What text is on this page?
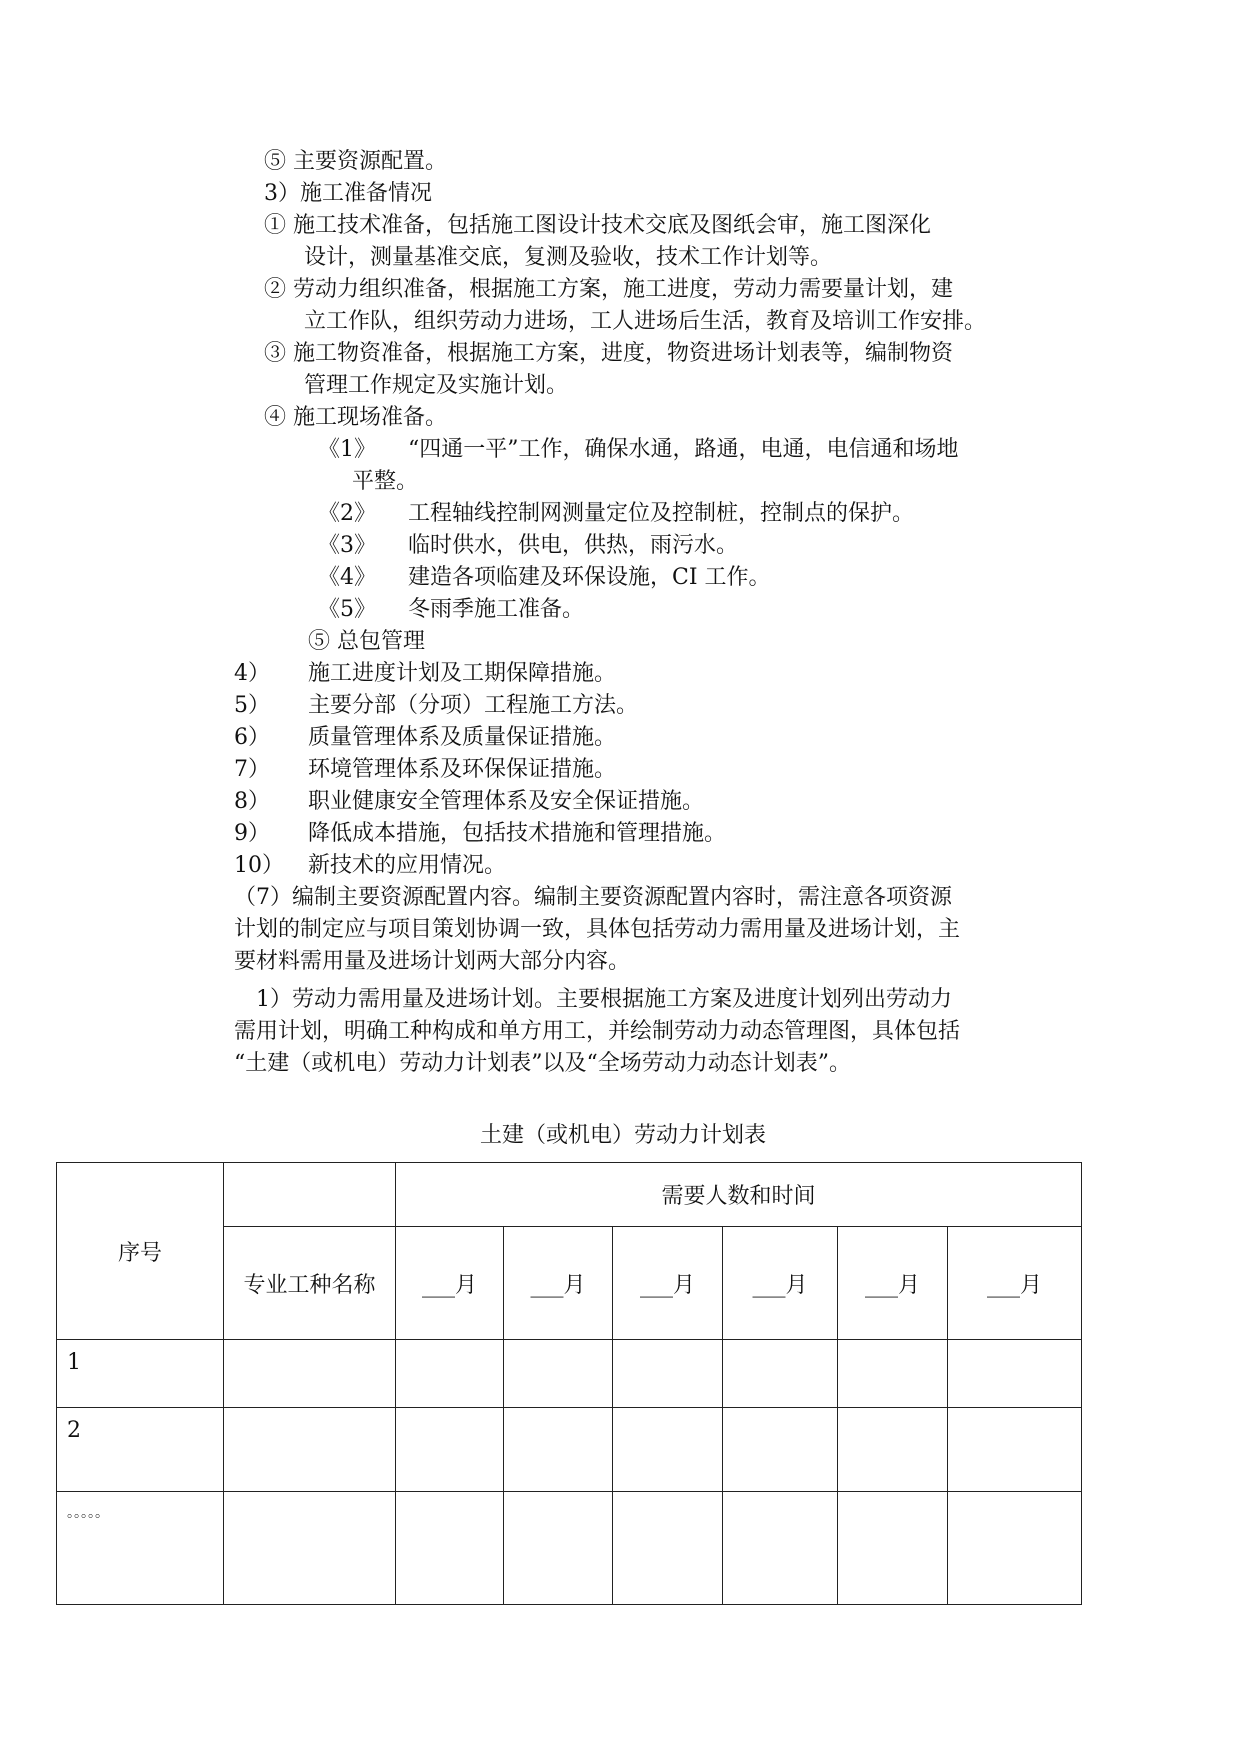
⑤ 主要资源配置。
3）施工准备情况
① 施工技术准备，包括施工图设计技术交底及图纸会审，施工图深化
设计，测量基准交底，复测及验收，技术工作计划等。
② 劳动力组织准备，根据施工方案，施工进度，劳动力需要量计划，建
立工作队，组织劳动力进场，工人进场后生活，教育及培训工作安排。
③ 施工物资准备，根据施工方案，进度，物资进场计划表等，编制物资
管理工作规定及实施计划。
④ 施工现场准备。
《1》 “四通一平”工作，确保水通，路通，电通，电信通和场地
平整。
《2》 工程轴线控制网测量定位及控制桩，控制点的保护。
《3》 临时供水，供电，供热，雨污水。
《4》 建造各项临建及环保设施，CI 工作。
《5》 冬雨季施工准备。
⑤ 总包管理
4） 施工进度计划及工期保障措施。
5） 主要分部（分项）工程施工方法。
6） 质量管理体系及质量保证措施。
7） 环境管理体系及环保保证措施。
8） 职业健康安全管理体系及安全保证措施。
9） 降低成本措施，包括技术措施和管理措施。
10） 新技术的应用情况。
（7）编制主要资源配置内容。编制主要资源配置内容时，需注意各项资源
计划的制定应与项目策划协调一致，具体包括劳动力需用量及进场计划，主
要材料需用量及进场计划两大部分内容。
1）劳动力需用量及进场计划。主要根据施工方案及进度计划列出劳动力
需用计划，明确工种构成和单方用工，并绘制劳动力动态管理图，具体包括
“土建（或机电）劳动力计划表”以及“全场劳动力动态计划表”。
土建（或机电）劳动力计划表
序号		需要人数和时间					
	专业工种名称	___月	___月	___月	___月	___月	___月
1							
2							
。。。。。							
